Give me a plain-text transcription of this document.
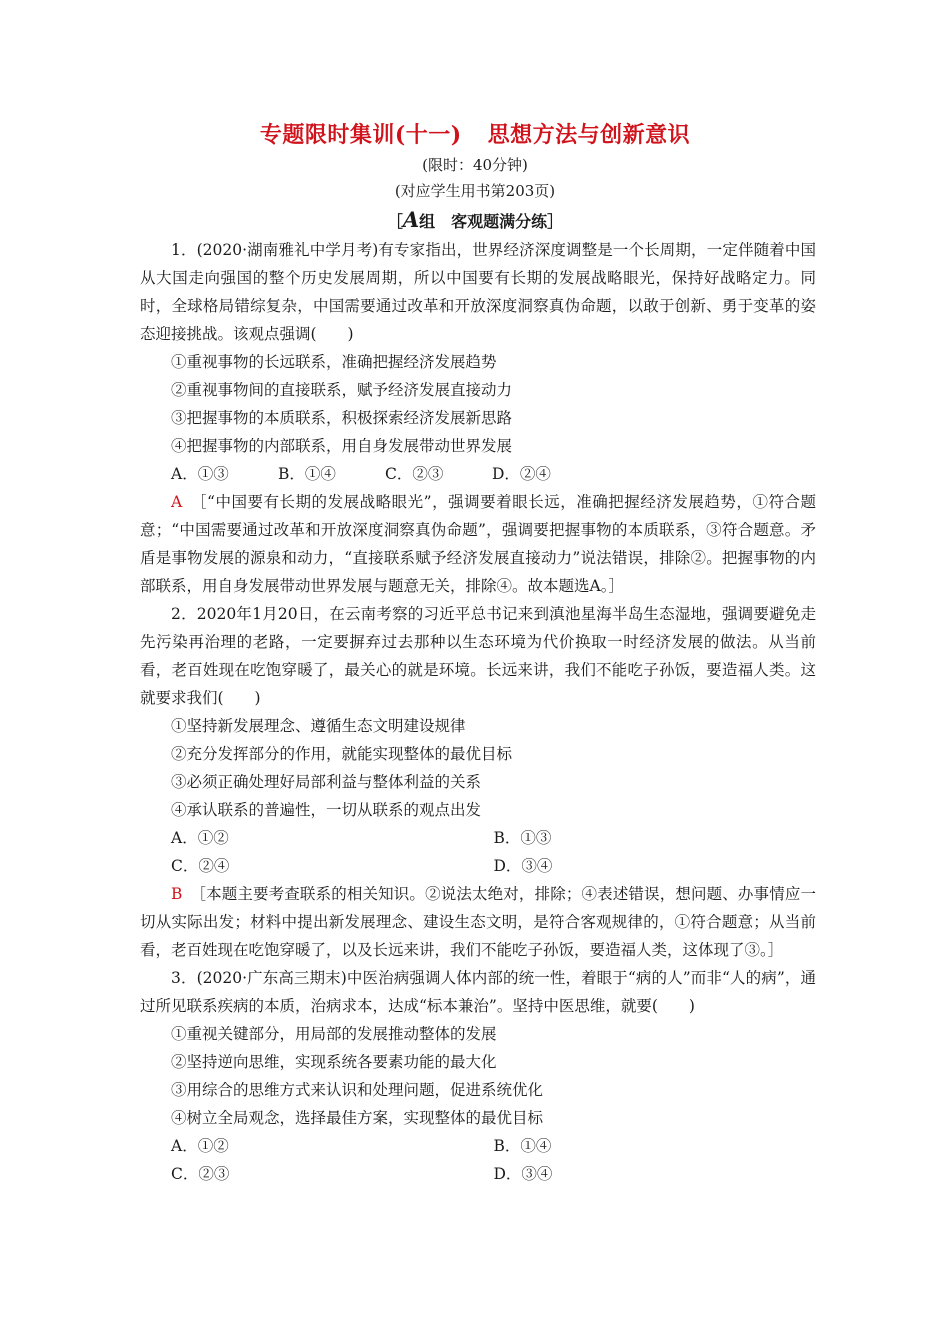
专题限时集训(十一) 思想方法与创新意识
(限时：40分钟)
(对应学生用书第203页)
［A组　客观题满分练］

1．(2020·湖南雅礼中学月考)有专家指出，世界经济深度调整是一个长周期，一定伴随着中国从大国走向强国的整个历史发展周期，所以中国要有长期的发展战略眼光，保持好战略定力。同时，全球格局错综复杂，中国需要通过改革和开放深度洞察真伪命题，以敢于创新、勇于变革的姿态迎接挑战。该观点强调(　　)

①重视事物的长远联系，准确把握经济发展趋势

②重视事物间的直接联系，赋予经济发展直接动力

③把握事物的本质联系，积极探索经济发展新思路

④把握事物的内部联系，用自身发展带动世界发展

A．①③	B．①④	C．②③	D．②④

A　 ［“中国要有长期的发展战略眼光”，强调要着眼长远，准确把握经济发展趋势，①符合题意；“中国需要通过改革和开放深度洞察真伪命题”，强调要把握事物的本质联系，③符合题意。矛盾是事物发展的源泉和动力，“直接联系赋予经济发展直接动力”说法错误，排除②。把握事物的内部联系，用自身发展带动世界发展与题意无关，排除④。故本题选A。］

2．2020年1月20日，在云南考察的习近平总书记来到滇池星海半岛生态湿地，强调要避免走先污染再治理的老路，一定要摒弃过去那种以生态环境为代价换取一时经济发展的做法。从当前看，老百姓现在吃饱穿暖了，最关心的就是环境。长远来讲，我们不能吃子孙饭，要造福人类。这就要求我们(　　)

①坚持新发展理念、遵循生态文明建设规律

②充分发挥部分的作用，就能实现整体的最优目标

③必须正确处理好局部利益与整体利益的关系

④承认联系的普遍性，一切从联系的观点出发

A．①②	B．①③
C．②④	D．③④

B　 ［本题主要考查联系的相关知识。②说法太绝对，排除；④表述错误，想问题、办事情应一切从实际出发；材料中提出新发展理念、建设生态文明，是符合客观规律的，①符合题意；从当前看，老百姓现在吃饱穿暖了，以及长远来讲，我们不能吃子孙饭，要造福人类，这体现了③。］

3．(2020·广东高三期末)中医治病强调人体内部的统一性，着眼于“病的人”而非“人的病”，通过所见联系疾病的本质，治病求本，达成“标本兼治”。坚持中医思维，就要(　　)

①重视关键部分，用局部的发展推动整体的发展

②坚持逆向思维，实现系统各要素功能的最大化

③用综合的思维方式来认识和处理问题，促进系统优化

④树立全局观念，选择最佳方案，实现整体的最优目标

A．①②	B．①④
C．②③	D．③④
